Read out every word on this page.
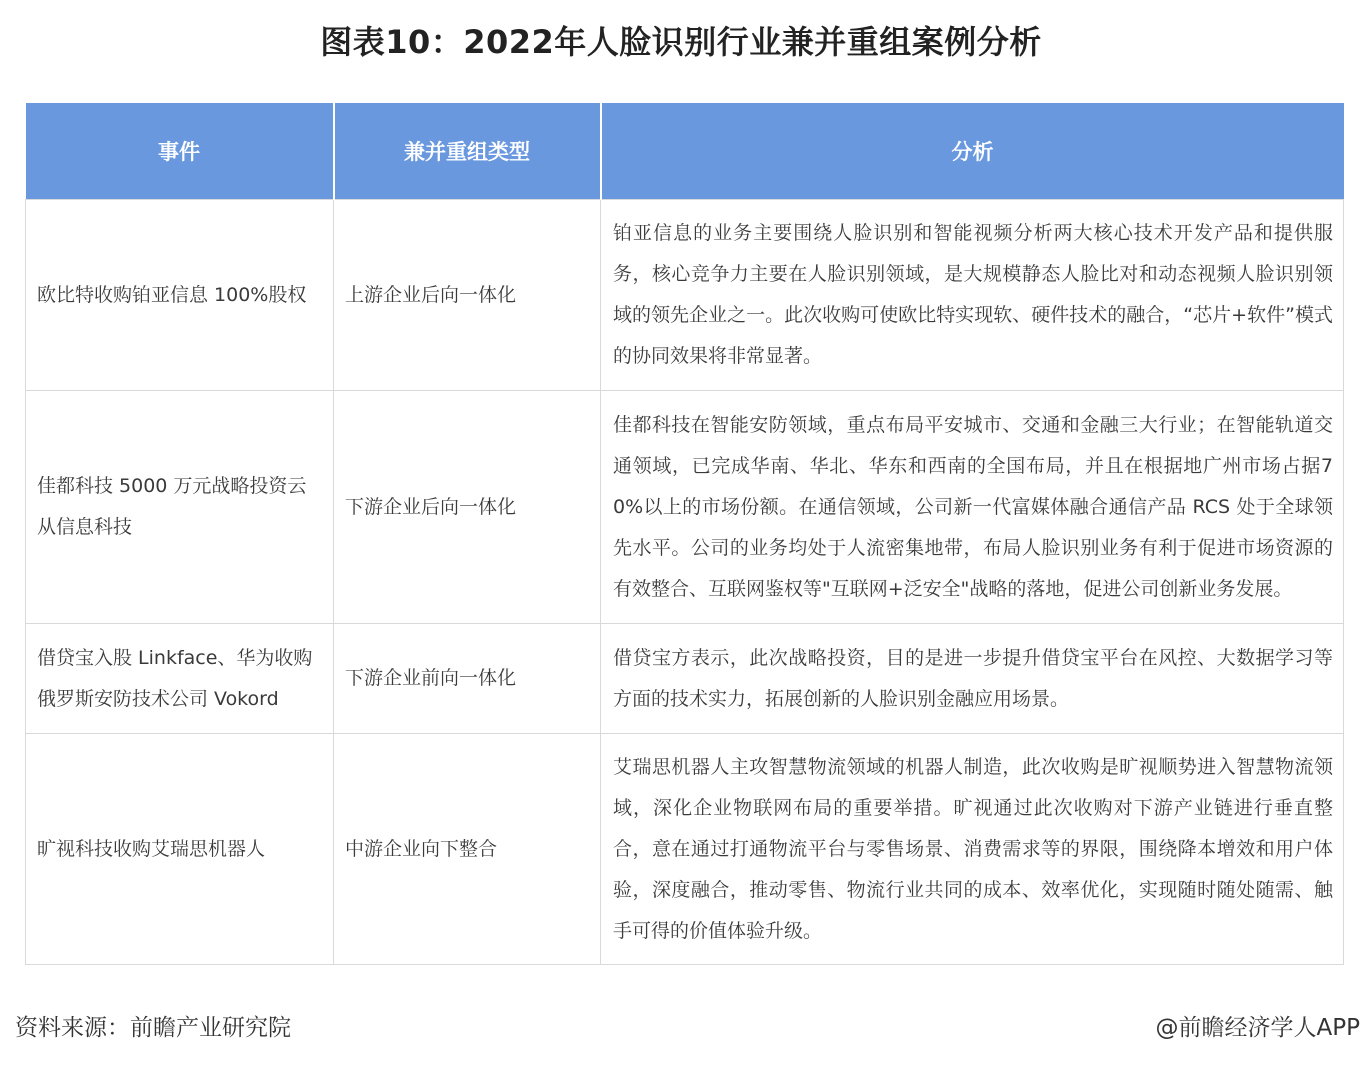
图表10：2022年人脸识别行业兼并重组案例分析
事件	兼并重组类型	分析
欧比特收购铂亚信息 100%股权	上游企业后向一体化	铂亚信息的业务主要围绕人脸识别和智能视频分析两大核心技术开发产品和提供服务，核心竞争力主要在人脸识别领域，是大规模静态人脸比对和动态视频人脸识别领域的领先企业之一。此次收购可使欧比特实现软、硬件技术的融合，“芯片+软件”模式的协同效果将非常显著。
佳都科技 5000 万元战略投资云从信息科技	下游企业后向一体化	佳都科技在智能安防领域，重点布局平安城市、交通和金融三大行业；在智能轨道交通领域，已完成华南、华北、华东和西南的全国布局，并且在根据地广州市场占据70%以上的市场份额。在通信领域，公司新一代富媒体融合通信产品 RCS 处于全球领先水平。公司的业务均处于人流密集地带，布局人脸识别业务有利于促进市场资源的有效整合、互联网鉴权等"互联网+泛安全"战略的落地，促进公司创新业务发展。
借贷宝入股 Linkface、华为收购俄罗斯安防技术公司 Vokord	下游企业前向一体化	借贷宝方表示，此次战略投资，目的是进一步提升借贷宝平台在风控、大数据学习等方面的技术实力，拓展创新的人脸识别金融应用场景。
旷视科技收购艾瑞思机器人	中游企业向下整合	艾瑞思机器人主攻智慧物流领域的机器人制造，此次收购是旷视顺势进入智慧物流领域，深化企业物联网布局的重要举措。旷视通过此次收购对下游产业链进行垂直整合，意在通过打通物流平台与零售场景、消费需求等的界限，围绕降本增效和用户体验，深度融合，推动零售、物流行业共同的成本、效率优化，实现随时随处随需、触手可得的价值体验升级。
资料来源：前瞻产业研究院	@前瞻经济学人APP
